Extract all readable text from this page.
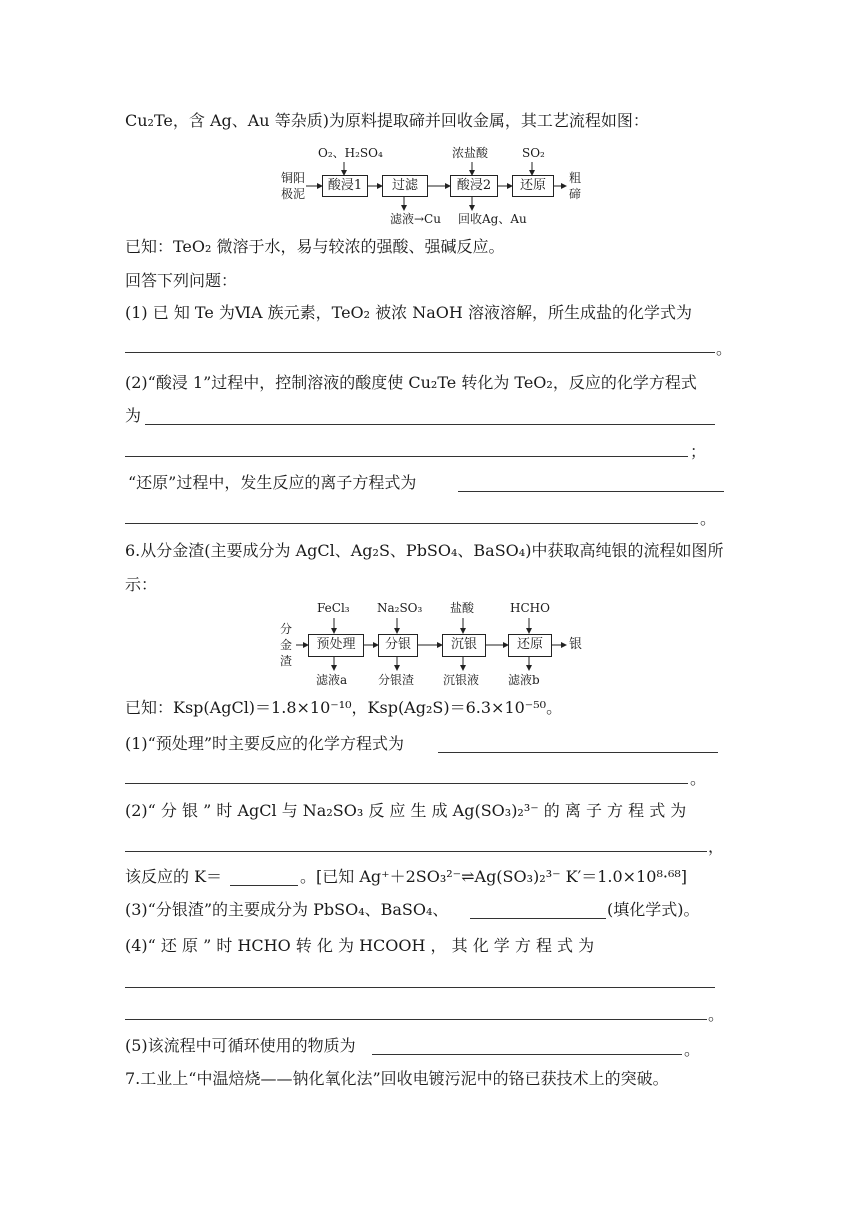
Cu₂Te，含 Ag、Au 等杂质)为原料提取碲并回收金属，其工艺流程如图：
铜阳
极泥
酸浸1	过滤	酸浸2	还原
O₂、H₂SO₄	浓盐酸	SO₂
滤液→Cu 回收Ag、Au
粗
碲
已知：TeO₂ 微溶于水，易与较浓的强酸、强碱反应。
回答下列问题：
(1) 已 知 Te 为ⅥA 族元素，TeO₂ 被浓 NaOH 溶液溶解，所生成盐的化学式为
。
(2)“酸浸 1”过程中，控制溶液的酸度使 Cu₂Te 转化为 TeO₂，反应的化学方程式
为
；
“还原”过程中，发生反应的离子方程式为
。
6.从分金渣(主要成分为 AgCl、Ag₂S、PbSO₄、BaSO₄)中获取高纯银的流程如图所
示：
分
金
渣
预处理	分银	沉银	还原
FeCl₃ Na₂SO₃ 盐酸	HCHO
滤液a	分银渣 沉银液 滤液b
银
已知：Ksp(AgCl)＝1.8×10⁻¹⁰，Ksp(Ag₂S)＝6.3×10⁻⁵⁰。
(1)“预处理”时主要反应的化学方程式为
。
(2)“ 分 银 ” 时 AgCl 与 Na₂SO₃ 反 应 生 成 Ag(SO₃)₂³⁻ 的 离 子 方 程 式 为
，
该反应的 K＝	。[已知 Ag⁺＋2SO₃²⁻⇌Ag(SO₃)₂³⁻ K′＝1.0×10⁸·⁶⁸]
(3)“分银渣”的主要成分为 PbSO₄、BaSO₄、	(填化学式)。
(4)“ 还 原 ” 时 HCHO 转 化 为 HCOOH ， 其 化 学 方 程 式 为
。
(5)该流程中可循环使用的物质为	。
7.工业上“中温焙烧——钠化氧化法”回收电镀污泥中的铬已获技术上的突破。
